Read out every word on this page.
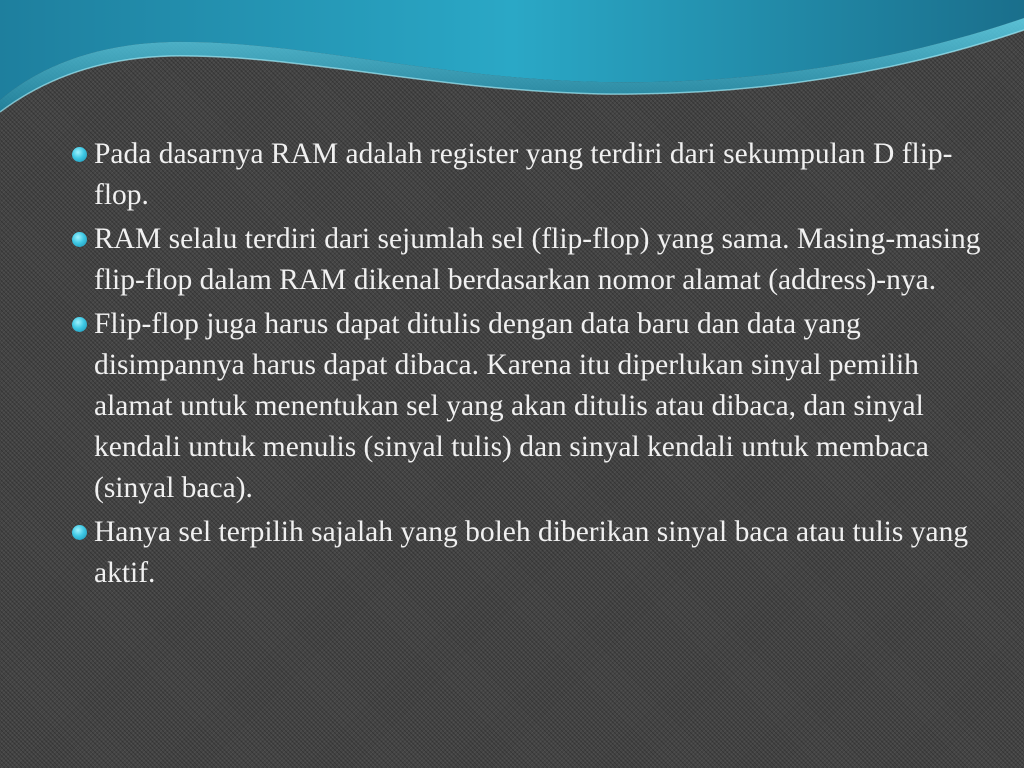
Pada dasarnya RAM adalah register yang terdiri dari sekumpulan D flip-flop.
RAM selalu terdiri dari sejumlah sel (flip-flop) yang sama. Masing-masing flip-flop dalam RAM dikenal berdasarkan nomor alamat (address)-nya.
Flip-flop juga harus dapat ditulis dengan data baru dan data yang disimpannya harus dapat dibaca. Karena itu diperlukan sinyal pemilih alamat untuk menentukan sel yang akan ditulis atau dibaca, dan sinyal kendali untuk menulis (sinyal tulis) dan sinyal kendali untuk membaca (sinyal baca).
Hanya sel terpilih sajalah yang boleh diberikan sinyal baca atau tulis yang aktif.
